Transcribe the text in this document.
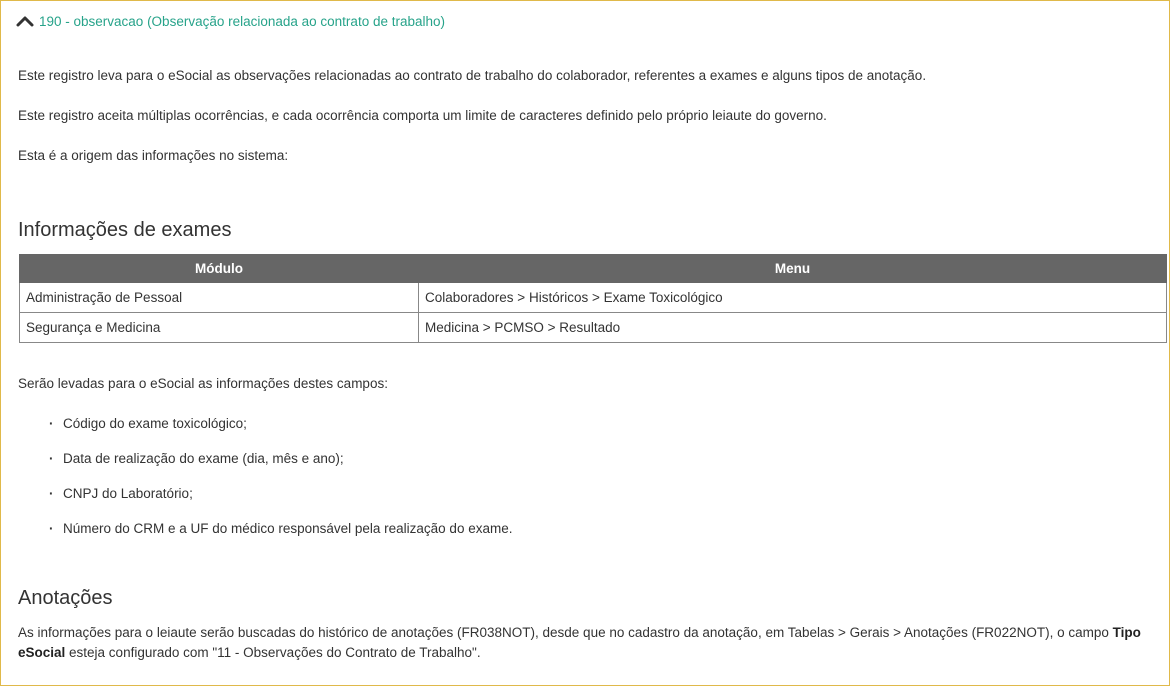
190 - observacao (Observação relacionada ao contrato de trabalho)

Este registro leva para o eSocial as observações relacionadas ao contrato de trabalho do colaborador, referentes a exames e alguns tipos de anotação.

Este registro aceita múltiplas ocorrências, e cada ocorrência comporta um limite de caracteres definido pelo próprio leiaute do governo.

Esta é a origem das informações no sistema:

Informações de exames
Módulo	Menu
Administração de Pessoal	Colaboradores > Históricos > Exame Toxicológico
Segurança e Medicina	Medicina > PCMSO > Resultado

Serão levadas para o eSocial as informações destes campos:

· Código do exame toxicológico;
· Data de realização do exame (dia, mês e ano);
· CNPJ do Laboratório;
· Número do CRM e a UF do médico responsável pela realização do exame.
Anotações

As informações para o leiaute serão buscadas do histórico de anotações (FR038NOT), desde que no cadastro da anotação, em Tabelas > Gerais > Anotações (FR022NOT), o campo Tipo eSocial esteja configurado com "11 - Observações do Contrato de Trabalho".
